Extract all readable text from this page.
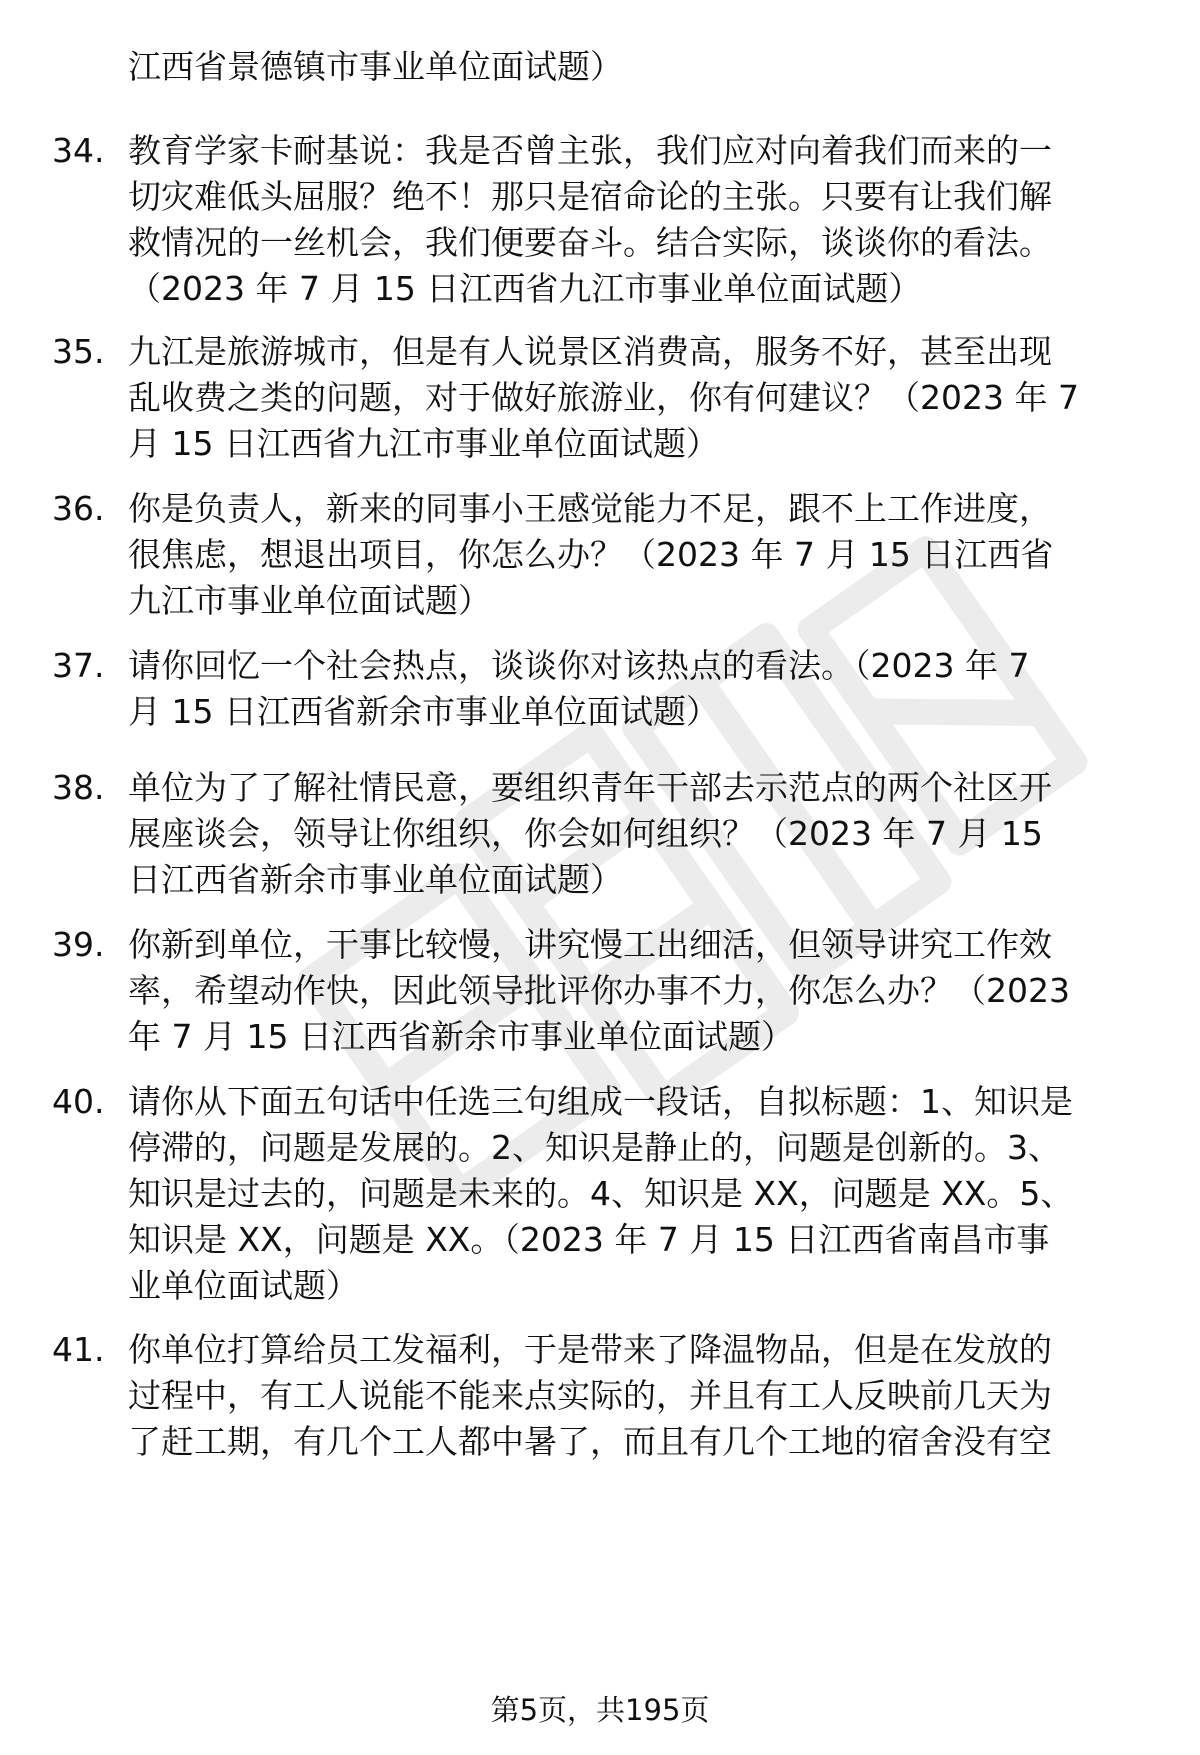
江西省景德镇市事业单位面试题）
34. 教育学家卡耐基说：我是否曾主张，我们应对向着我们而来的一
切灾难低头屈服？绝不！那只是宿命论的主张。只要有让我们解
救情况的一丝机会，我们便要奋斗。结合实际，谈谈你的看法。
（2023 年 7 月 15 日江西省九江市事业单位面试题）
35. 九江是旅游城市，但是有人说景区消费高，服务不好，甚至出现
乱收费之类的问题，对于做好旅游业，你有何建议？（2023 年 7
月 15 日江西省九江市事业单位面试题）
36. 你是负责人，新来的同事小王感觉能力不足，跟不上工作进度，
很焦虑，想退出项目，你怎么办？（2023 年 7 月 15 日江西省
九江市事业单位面试题）
37. 请你回忆一个社会热点，谈谈你对该热点的看法。（2023 年 7
月 15 日江西省新余市事业单位面试题）
38. 单位为了了解社情民意，要组织青年干部去示范点的两个社区开
展座谈会，领导让你组织，你会如何组织？（2023 年 7 月 15
日江西省新余市事业单位面试题）
39. 你新到单位，干事比较慢，讲究慢工出细活，但领导讲究工作效
率，希望动作快，因此领导批评你办事不力，你怎么办？（2023
年 7 月 15 日江西省新余市事业单位面试题）
40. 请你从下面五句话中任选三句组成一段话，自拟标题：1、知识是
停滞的，问题是发展的。2、知识是静止的，问题是创新的。3、
知识是过去的，问题是未来的。4、知识是 XX，问题是 XX。5、
知识是 XX，问题是 XX。（2023 年 7 月 15 日江西省南昌市事
业单位面试题）
41. 你单位打算给员工发福利，于是带来了降温物品，但是在发放的
过程中，有工人说能不能来点实际的，并且有工人反映前几天为
了赶工期，有几个工人都中暑了，而且有几个工地的宿舍没有空
第5页，共195页
